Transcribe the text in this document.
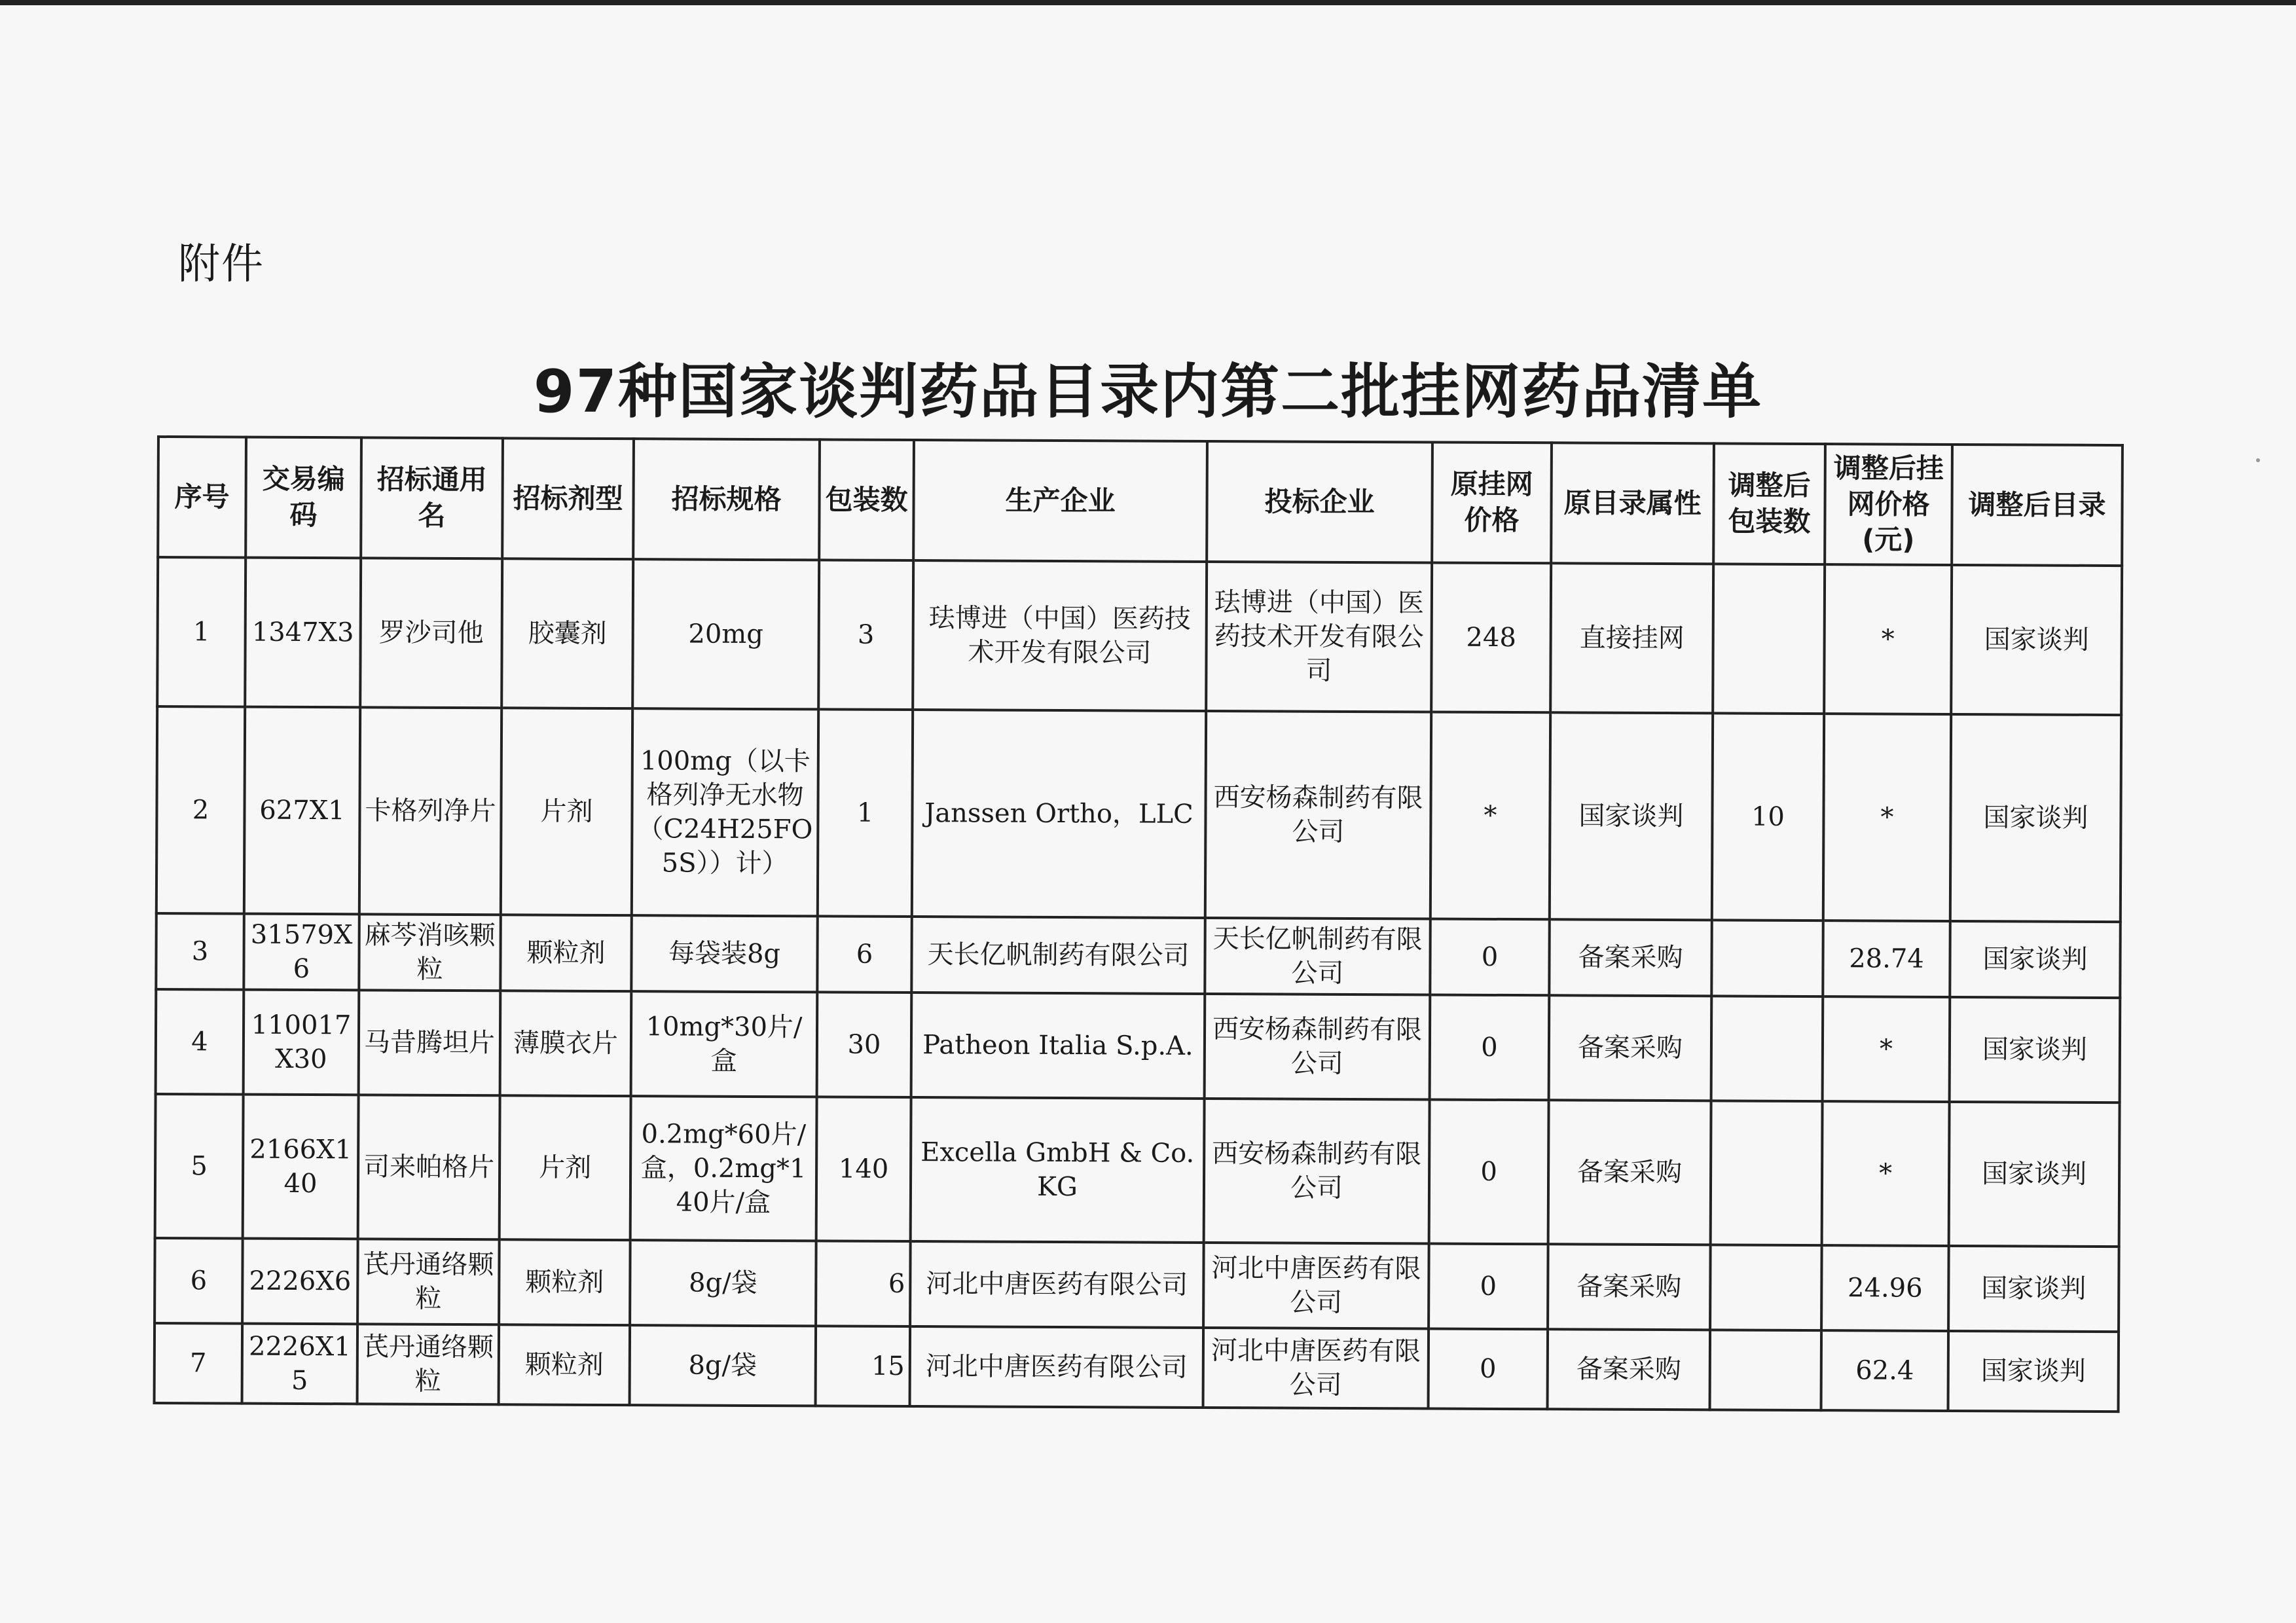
附件
97种国家谈判药品目录内第二批挂网药品清单
序号	交易编码	招标通用名	招标剂型	招标规格	包装数	生产企业	投标企业	原挂网价格	原目录属性	调整后包装数	调整后挂网价格(元)	调整后目录
1	1347X3	罗沙司他	胶囊剂	20mg	3	珐博进（中国）医药技术开发有限公司	珐博进（中国）医药技术开发有限公司	248	直接挂网		*	国家谈判
2	627X1	卡格列净片	片剂	100mg（以卡格列净无水物（C24H25FO5S））计）	1	Janssen Ortho，LLC	西安杨森制药有限公司	*	国家谈判	10	*	国家谈判
3	31579X6	麻芩消咳颗粒	颗粒剂	每袋装8g	6	天长亿帆制药有限公司	天长亿帆制药有限公司	0	备案采购		28.74	国家谈判
4	110017X30	马昔腾坦片	薄膜衣片	10mg*30片/盒	30	Patheon Italia S.p.A.	西安杨森制药有限公司	0	备案采购		*	国家谈判
5	2166X140	司来帕格片	片剂	0.2mg*60片/盒，0.2mg*140片/盒	140	Excella GmbH & Co. KG	西安杨森制药有限公司	0	备案采购		*	国家谈判
6	2226X6	芪丹通络颗粒	颗粒剂	8g/袋	6	河北中唐医药有限公司	河北中唐医药有限公司	0	备案采购		24.96	国家谈判
7	2226X15	芪丹通络颗粒	颗粒剂	8g/袋	15	河北中唐医药有限公司	河北中唐医药有限公司	0	备案采购		62.4	国家谈判
